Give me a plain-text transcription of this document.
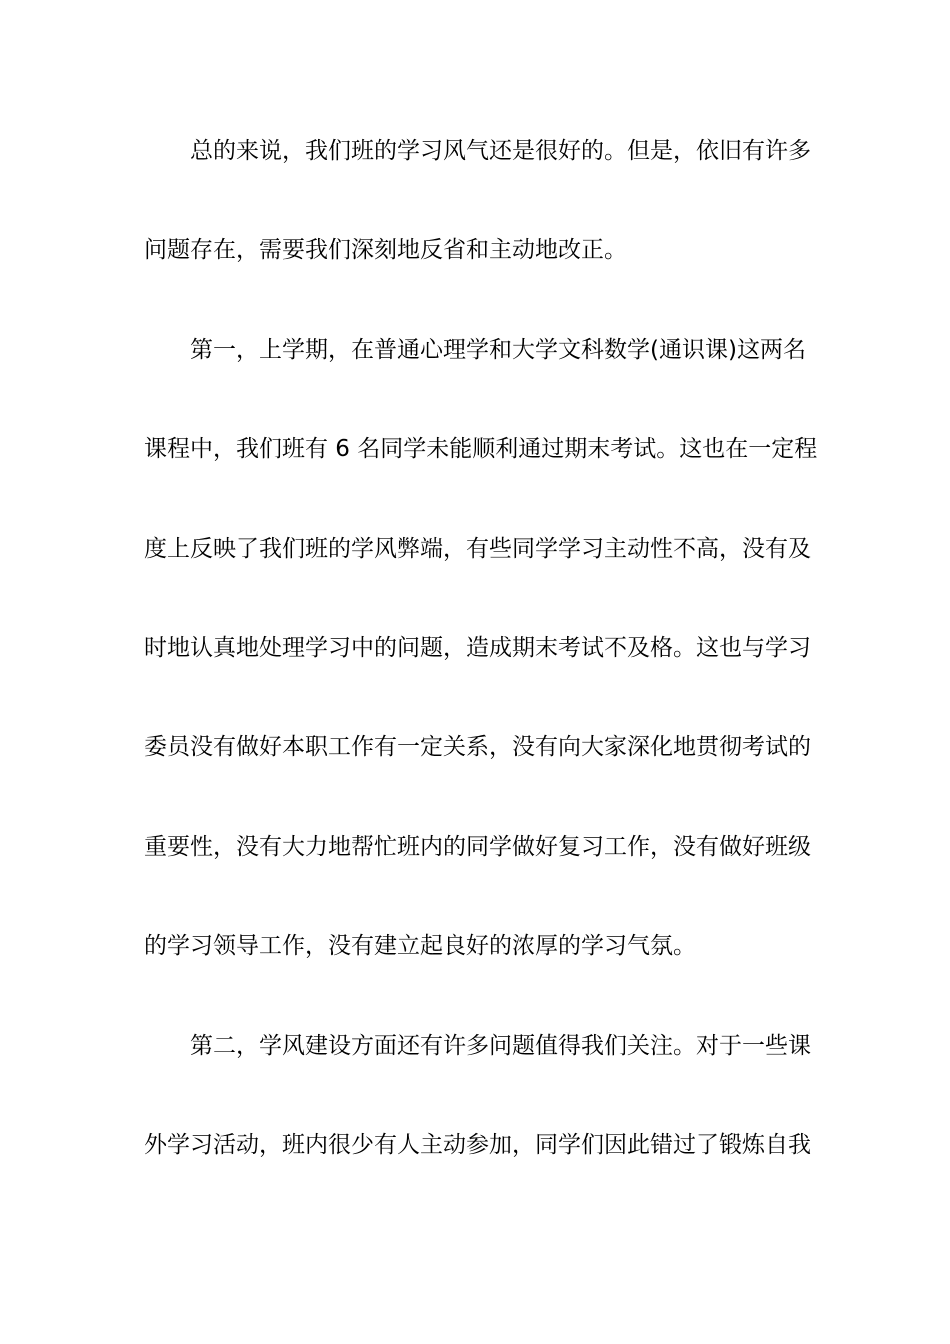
总的来说，我们班的学习风气还是很好的。但是，依旧有许多
问题存在，需要我们深刻地反省和主动地改正。
第一，上学期，在普通心理学和大学文科数学(通识课)这两名
课程中，我们班有 6 名同学未能顺利通过期末考试。这也在一定程
度上反映了我们班的学风弊端，有些同学学习主动性不高，没有及
时地认真地处理学习中的问题，造成期末考试不及格。这也与学习
委员没有做好本职工作有一定关系，没有向大家深化地贯彻考试的
重要性，没有大力地帮忙班内的同学做好复习工作，没有做好班级
的学习领导工作，没有建立起良好的浓厚的学习气氛。
第二，学风建设方面还有许多问题值得我们关注。对于一些课
外学习活动，班内很少有人主动参加，同学们因此错过了锻炼自我
